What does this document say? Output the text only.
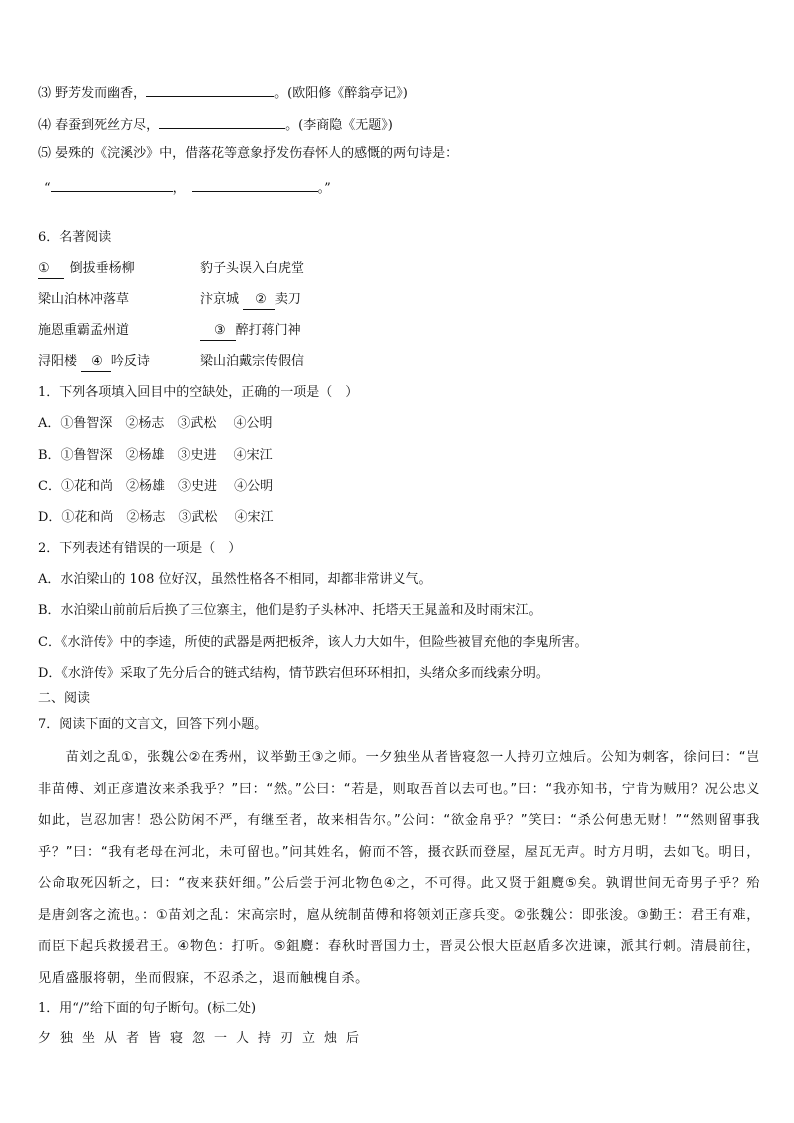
⑶ 野芳发而幽香，	。(欧阳修《醉翁亭记》)
⑷ 春蚕到死丝方尽，	。(李商隐《无题》)
⑸ 晏殊的《浣溪沙》中，借落花等意象抒发伤春怀人的感慨的两句诗是：
“	，	。”
6．名著阅读
① 倒拔垂杨柳	豹子头误入白虎堂
梁山泊林冲落草	汴京城 ② 卖刀
施恩重霸孟州道	③ 醉打蒋门神
浔阳楼 ④ 吟反诗	梁山泊戴宗传假信
1．下列各项填入回目中的空缺处，正确的一项是（　）
A．①鲁智深　②杨志　③武松　 ④公明
B．①鲁智深　②杨雄　③史进　 ④宋江
C．①花和尚　②杨雄　③史进　 ④公明
D．①花和尚　②杨志　③武松　 ④宋江
2．下列表述有错误的一项是（　）
A．水泊梁山的 108 位好汉，虽然性格各不相同，却都非常讲义气。
B．水泊梁山前前后后换了三位寨主，他们是豹子头林冲、托塔天王晁盖和及时雨宋江。
C．《水浒传》中的李逵，所使的武器是两把板斧，该人力大如牛，但险些被冒充他的李鬼所害。
D．《水浒传》采取了先分后合的链式结构，情节跌宕但环环相扣，头绪众多而线索分明。
二、阅读
7．阅读下面的文言文，回答下列小题。
　　苗刘之乱①，张魏公②在秀州，议举勤王③之师。一夕独坐从者皆寝忽一人持刃立烛后。公知为刺客，徐问曰：“岂非苗傅、刘正彦遣汝来杀我乎？”曰：“然。”公曰：“若是，则取吾首以去可也。”曰：“我亦知书，宁肯为贼用？况公忠义如此，岂忍加害！恐公防闲不严，有继至者，故来相告尔。”公问：“欲金帛乎？”笑曰：“杀公何患无财！”“然则留事我乎？”曰：“我有老母在河北，未可留也。”问其姓名，俯而不答，摄衣跃而登屋，屋瓦无声。时方月明，去如飞。明日，公命取死囚斩之，曰：“夜来获奸细。”公后尝于河北物色④之，不可得。此又贤于鉏麑⑤矣。孰谓世间无奇男子乎？殆是唐剑客之流也。：①苗刘之乱：宋高宗时，扈从统制苗傅和将领刘正彦兵变。②张魏公：即张浚。③勤王：君王有难，而臣下起兵救援君王。④物色：打听。⑤鉏麑：春秋时晋国力士，晋灵公恨大臣赵盾多次进谏，派其行刺。清晨前往，见盾盛服将朝，坐而假寐，不忍杀之，退而触槐自杀。
1．用“/”给下面的句子断句。(标二处)
夕独坐从者皆寝忽一人持刃立烛后
